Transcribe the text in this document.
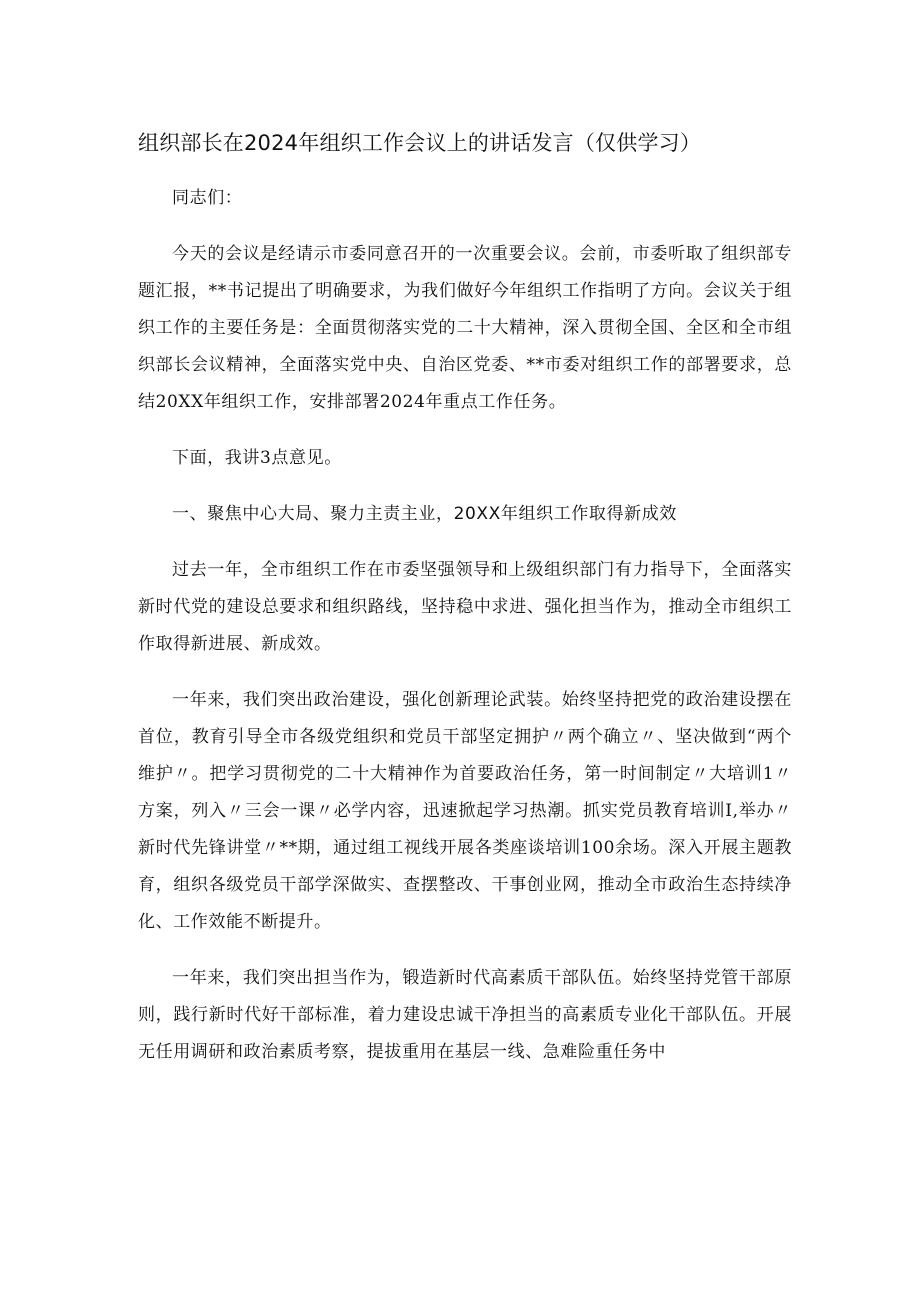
组织部长在2024年组织工作会议上的讲话发言（仅供学习）

同志们：

今天的会议是经请示市委同意召开的一次重要会议。会前，市委听取了组织部专题汇报，**书记提出了明确要求，为我们做好今年组织工作指明了方向。会议关于组织工作的主要任务是：全面贯彻落实党的二十大精神，深入贯彻全国、全区和全市组织部长会议精神，全面落实党中央、自治区党委、**市委对组织工作的部署要求，总结20XX年组织工作，安排部署2024年重点工作任务。

下面，我讲3点意见。

一、聚焦中心大局、聚力主责主业，20XX年组织工作取得新成效

过去一年，全市组织工作在市委坚强领导和上级组织部门有力指导下，全面落实新时代党的建设总要求和组织路线，坚持稳中求进、强化担当作为，推动全市组织工作取得新进展、新成效。

一年来，我们突出政治建设，强化创新理论武装。始终坚持把党的政治建设摆在首位，教育引导全市各级党组织和党员干部坚定拥护〃两个确立〃、坚决做到“两个维护〃。把学习贯彻党的二十大精神作为首要政治任务，第一时间制定〃大培训1〃方案，列入〃三会一课〃必学内容，迅速掀起学习热潮。抓实党员教育培训I,举办〃新时代先锋讲堂〃**期，通过组工视线开展各类座谈培训100余场。深入开展主题教育，组织各级党员干部学深做实、查摆整改、干事创业网，推动全市政治生态持续净化、工作效能不断提升。

一年来，我们突出担当作为，锻造新时代高素质干部队伍。始终坚持党管干部原则，践行新时代好干部标准，着力建设忠诚干净担当的高素质专业化干部队伍。开展无任用调研和政治素质考察，提拔重用在基层一线、急难险重任务中
